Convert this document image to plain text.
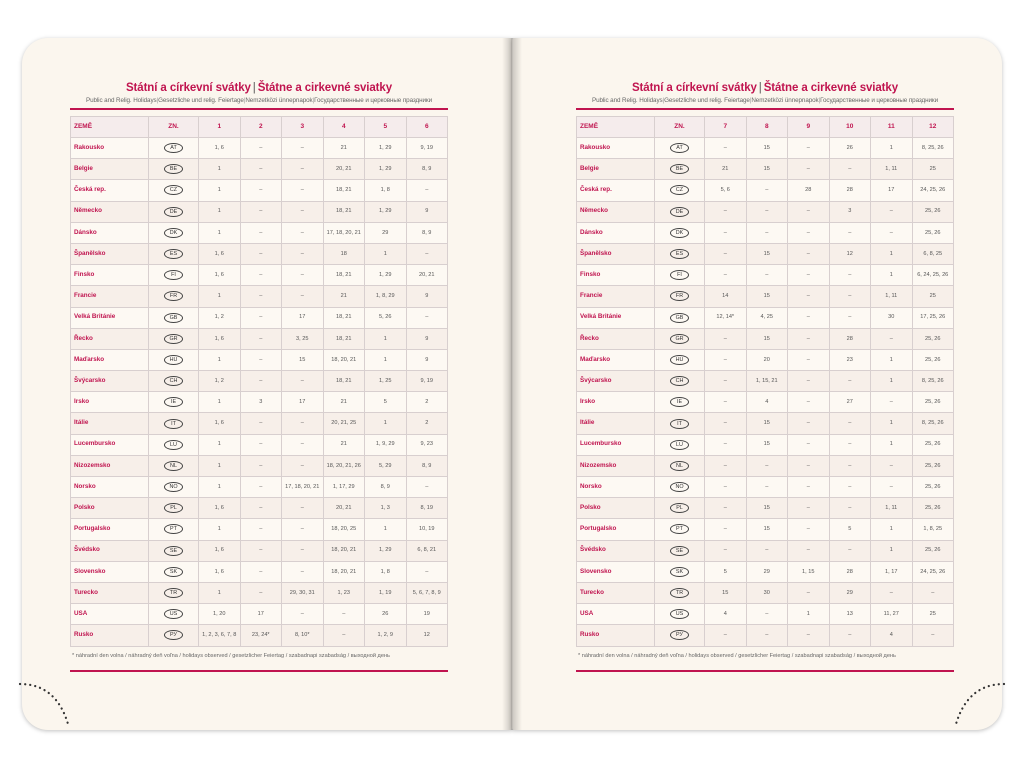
Státní a církevní svátky | Štátne a cirkevné sviatky
Public and Relig. Holidays|Gesetzliche und relig. Feiertage|Nemzetközi ünnepnapok|Государственные и церковные праздники
ZEMĚ	ZN.	1	2	3	4	5	6
Rakousko	AT	1, 6	–	–	21	1, 29	9, 19
Belgie	BE	1	–	–	20, 21	1, 29	8, 9
Česká rep.	CZ	1	–	–	18, 21	1, 8	–
Německo	DE	1	–	–	18, 21	1, 29	9
Dánsko	DK	1	–	–	17, 18, 20, 21	29	8, 9
Španělsko	ES	1, 6	–	–	18	1	–
Finsko	FI	1, 6	–	–	18, 21	1, 29	20, 21
Francie	FR	1	–	–	21	1, 8, 29	9
Velká Británie	GB	1, 2	–	17	18, 21	5, 26	–
Řecko	GR	1, 6	–	3, 25	18, 21	1	9
Maďarsko	HU	1	–	15	18, 20, 21	1	9
Švýcarsko	CH	1, 2	–	–	18, 21	1, 25	9, 19
Irsko	IE	1	3	17	21	5	2
Itálie	IT	1, 6	–	–	20, 21, 25	1	2
Lucembursko	LU	1	–	–	21	1, 9, 29	9, 23
Nizozemsko	NL	1	–	–	18, 20, 21, 26	5, 29	8, 9
Norsko	NO	1	–	17, 18, 20, 21	1, 17, 29	8, 9	–
Polsko	PL	1, 6	–	–	20, 21	1, 3	8, 19
Portugalsko	PT	1	–	–	18, 20, 25	1	10, 19
Švédsko	SE	1, 6	–	–	18, 20, 21	1, 29	6, 8, 21
Slovensko	SK	1, 6	–	–	18, 20, 21	1, 8	–
Turecko	TR	1	–	29, 30, 31	1, 23	1, 19	5, 6, 7, 8, 9
USA	US	1, 20	17	–	–	26	19
Rusko	РУ	1, 2, 3, 6, 7, 8	23, 24*	8, 10*	–	1, 2, 9	12
* náhradní den volna / náhradný deň voľna / holidays observed / gesetzlicher Feiertag / szabadnapi szabadság / выходной день
Státní a církevní svátky | Štátne a cirkevné sviatky
Public and Relig. Holidays|Gesetzliche und relig. Feiertage|Nemzetközi ünnepnapok|Государственные и церковные праздники
ZEMĚ	ZN.	7	8	9	10	11	12
Rakousko	AT	–	15	–	26	1	8, 25, 26
Belgie	BE	21	15	–	–	1, 11	25
Česká rep.	CZ	5, 6	–	28	28	17	24, 25, 26
Německo	DE	–	–	–	3	–	25, 26
Dánsko	DK	–	–	–	–	–	25, 26
Španělsko	ES	–	15	–	12	1	6, 8, 25
Finsko	FI	–	–	–	–	1	6, 24, 25, 26
Francie	FR	14	15	–	–	1, 11	25
Velká Británie	GB	12, 14*	4, 25	–	–	30	17, 25, 26
Řecko	GR	–	15	–	28	–	25, 26
Maďarsko	HU	–	20	–	23	1	25, 26
Švýcarsko	CH	–	1, 15, 21	–	–	1	8, 25, 26
Irsko	IE	–	4	–	27	–	25, 26
Itálie	IT	–	15	–	–	1	8, 25, 26
Lucembursko	LU	–	15	–	–	1	25, 26
Nizozemsko	NL	–	–	–	–	–	25, 26
Norsko	NO	–	–	–	–	–	25, 26
Polsko	PL	–	15	–	–	1, 11	25, 26
Portugalsko	PT	–	15	–	5	1	1, 8, 25
Švédsko	SE	–	–	–	–	1	25, 26
Slovensko	SK	5	29	1, 15	28	1, 17	24, 25, 26
Turecko	TR	15	30	–	29	–	–
USA	US	4	–	1	13	11, 27	25
Rusko	РУ	–	–	–	–	4	–
* náhradní den volna / náhradný deň voľna / holidays observed / gesetzlicher Feiertag / szabadnapi szabadság / выходной день
